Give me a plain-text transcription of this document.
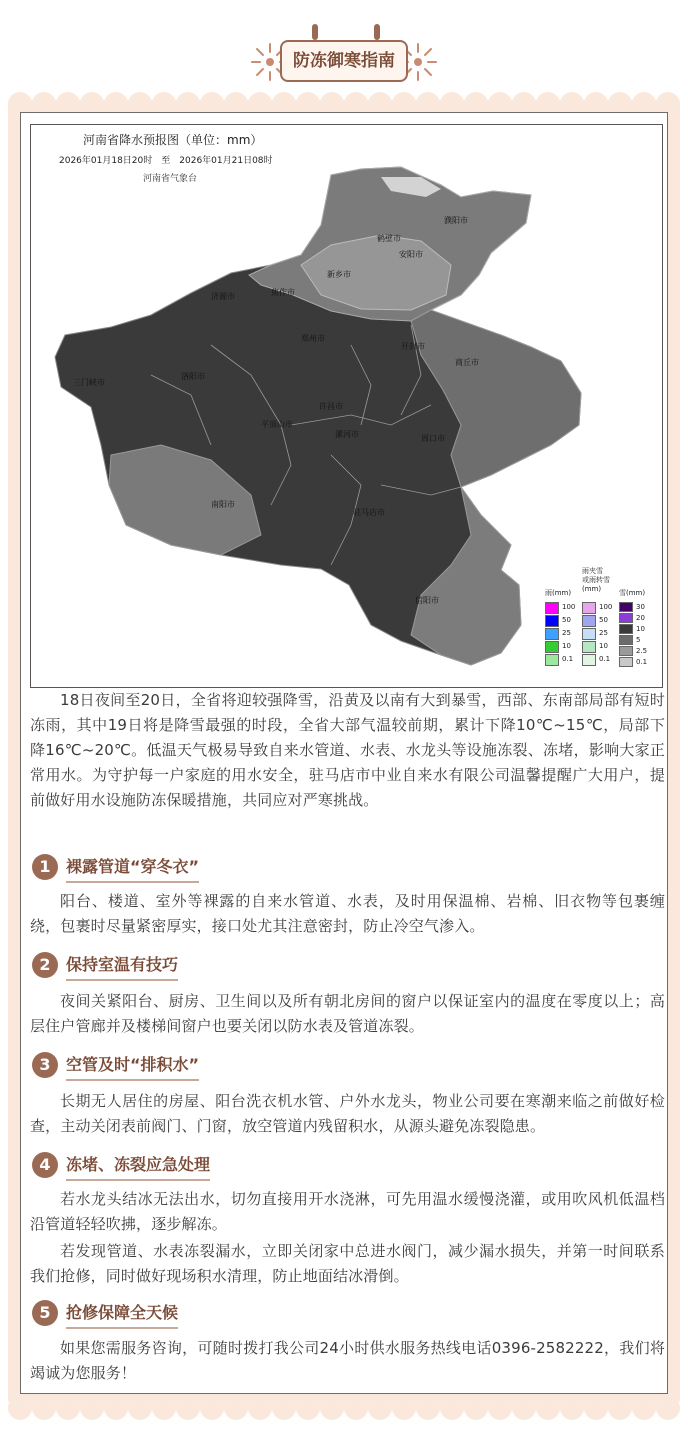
防冻御寒指南
河南省降水预报图（单位：mm）
2026年01月18日20时　至　2026年01月21日08时
河南省气象台
濮阳市
鹤壁市
安阳市
新乡市
焦作市
济源市
郑州市
开封市
商丘市
三门峡市
洛阳市
平顶山市
许昌市
漯河市	周口市
南阳市
驻马店市
信阳市
雨(mm)
雨夹雪
或雨转雪
(mm)	雪(mm)
100
50
25
10
0.1
100
50
25
10
0.1
30
20
10
5
2.5
0.1
18日夜间至20日，全省将迎较强降雪，沿黄及以南有大到暴雪，西部、东南部局部有短时冻雨，其中19日将是降雪最强的时段，全省大部气温较前期，累计下降10℃~15℃，局部下降16℃~20℃。低温天气极易导致自来水管道、水表、水龙头等设施冻裂、冻堵，影响大家正常用水。为守护每一户家庭的用水安全，驻马店市中业自来水有限公司温馨提醒广大用户，提前做好用水设施防冻保暖措施，共同应对严寒挑战。
1 裸露管道“穿冬衣”
阳台、楼道、室外等裸露的自来水管道、水表，及时用保温棉、岩棉、旧衣物等包裹缠绕，包裹时尽量紧密厚实，接口处尤其注意密封，防止冷空气渗入。
2 保持室温有技巧
夜间关紧阳台、厨房、卫生间以及所有朝北房间的窗户以保证室内的温度在零度以上；高层住户管廊并及楼梯间窗户也要关闭以防水表及管道冻裂。
3 空管及时“排积水”
长期无人居住的房屋、阳台洗衣机水管、户外水龙头，物业公司要在寒潮来临之前做好检查，主动关闭表前阀门、门窗，放空管道内残留积水，从源头避免冻裂隐患。
4 冻堵、冻裂应急处理
若水龙头结冰无法出水，切勿直接用开水浇淋，可先用温水缓慢浇灌，或用吹风机低温档沿管道轻轻吹拂，逐步解冻。
若发现管道、水表冻裂漏水，立即关闭家中总进水阀门，减少漏水损失，并第一时间联系我们抢修，同时做好现场积水清理，防止地面结冰滑倒。
5 抢修保障全天候
如果您需服务咨询，可随时拨打我公司24小时供水服务热线电话0396-2582222，我们将竭诚为您服务！
